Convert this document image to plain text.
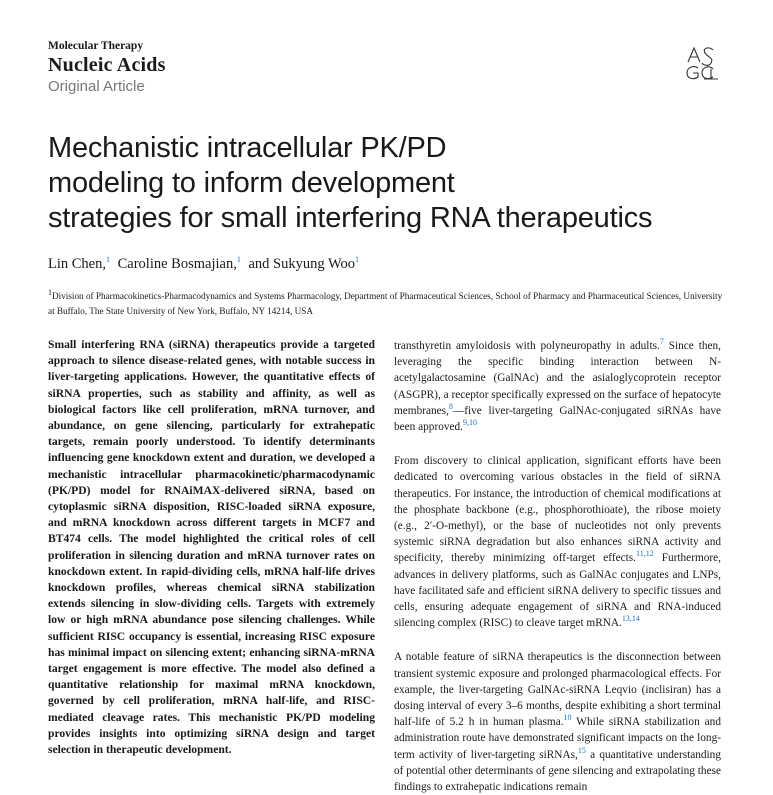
Molecular Therapy
Nucleic Acids
Original Article
Mechanistic intracellular PK/PD
modeling to inform development
strategies for small interfering RNA therapeutics
Lin Chen,$^1$ Caroline Bosmajian,$^1$ and Sukyung Woo$^1$
$^1$Division of Pharmacokinetics-Pharmacodynamics and Systems Pharmacology, Department of Pharmaceutical Sciences, School of Pharmacy and Pharmaceutical Sciences, University at Buffalo, The State University of New York, Buffalo, NY 14214, USA

Small interfering RNA (siRNA) therapeutics provide a targeted approach to silence disease-related genes, with notable success in liver-targeting applications. However, the quantitative effects of siRNA properties, such as stability and affinity, as well as biological factors like cell proliferation, mRNA turnover, and abundance, on gene silencing, particularly for extrahepatic targets, remain poorly understood. To identify determinants influencing gene knockdown extent and duration, we developed a mechanistic intracellular pharmacokinetic/pharmacodynamic (PK/PD) model for RNAiMAX-delivered siRNA, based on cytoplasmic siRNA disposition, RISC-loaded siRNA exposure, and mRNA knockdown across different targets in MCF7 and BT474 cells. The model highlighted the critical roles of cell proliferation in silencing duration and mRNA turnover rates on knockdown extent. In rapid-dividing cells, mRNA half-life drives knockdown profiles, whereas chemical siRNA stabilization extends silencing in slow-dividing cells. Targets with extremely low or high mRNA abundance pose silencing challenges. While sufficient RISC occupancy is essential, increasing RISC exposure has minimal impact on silencing extent; enhancing siRNA-mRNA target engagement is more effective. The model also defined a quantitative relationship for maximal mRNA knockdown, governed by cell proliferation, mRNA half-life, and RISC-mediated cleavage rates. This mechanistic PK/PD modeling provides insights into optimizing siRNA design and target selection in therapeutic development.

transthyretin amyloidosis with polyneuropathy in adults.$^7$ Since then, leveraging the specific binding interaction between N-acetylgalactosamine (GalNAc) and the asialoglycoprotein receptor (ASGPR), a receptor specifically expressed on the surface of hepatocyte membranes,$^8$—five liver-targeting GalNAc-conjugated siRNAs have been approved.$^{9,10}$

From discovery to clinical application, significant efforts have been dedicated to overcoming various obstacles in the field of siRNA therapeutics. For instance, the introduction of chemical modifications at the phosphate backbone (e.g., phosphorothioate), the ribose moiety (e.g., 2′-O-methyl), or the base of nucleotides not only prevents systemic siRNA degradation but also enhances siRNA activity and specificity, thereby minimizing off-target effects.$^{11,12}$ Furthermore, advances in delivery platforms, such as GalNAc conjugates and LNPs, have facilitated safe and efficient siRNA delivery to specific tissues and cells, ensuring adequate engagement of siRNA and RNA-induced silencing complex (RISC) to cleave target mRNA.$^{13,14}$

A notable feature of siRNA therapeutics is the disconnection between transient systemic exposure and prolonged pharmacological effects. For example, the liver-targeting GalNAc-siRNA Leqvio (inclisiran) has a dosing interval of every 3–6 months, despite exhibiting a short terminal half-life of 5.2 h in human plasma.$^{10}$ While siRNA stabilization and administration route have demonstrated significant impacts on the long-term activity of liver-targeting siRNAs,$^{15}$ a quantitative understanding of potential other determinants of gene silencing and extrapolating these findings to extrahepatic indications remain
